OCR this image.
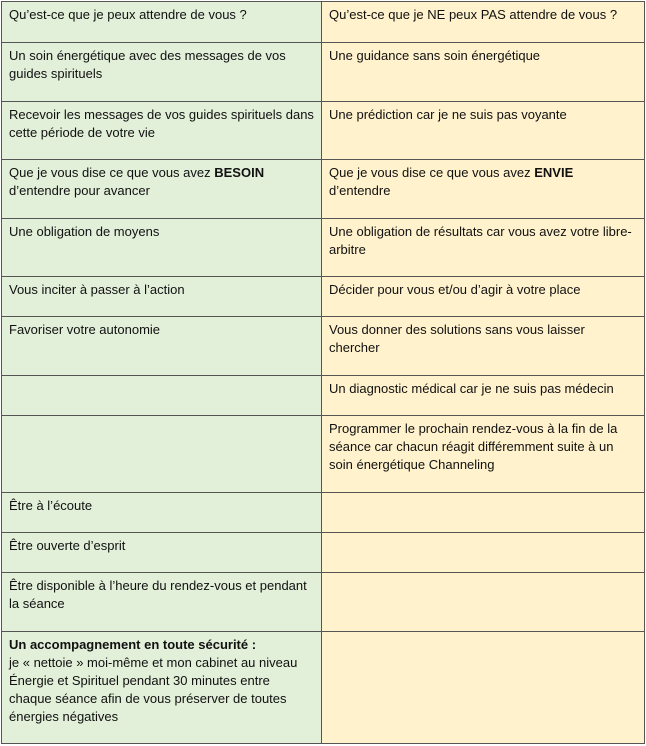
Qu’est-ce que je peux attendre de vous ?	Qu’est-ce que je NE peux PAS attendre de vous ?
Un soin énergétique avec des messages de vos guides spirituels	Une guidance sans soin énergétique
Recevoir les messages de vos guides spirituels dans cette période de votre vie	Une prédiction car je ne suis pas voyante
Que je vous dise ce que vous avez BESOIN d’entendre pour avancer	Que je vous dise ce que vous avez ENVIE d’entendre
Une obligation de moyens	Une obligation de résultats car vous avez votre libre-arbitre
Vous inciter à passer à l’action	Décider pour vous et/ou d’agir à votre place
Favoriser votre autonomie	Vous donner des solutions sans vous laisser chercher
	Un diagnostic médical car je ne suis pas médecin
	Programmer le prochain rendez-vous à la fin de la séance car chacun réagit différemment suite à un soin énergétique Channeling
Être à l’écoute	
Être ouverte d’esprit	
Être disponible à l’heure du rendez-vous et pendant la séance	

Un accompagnement en toute sécurité :
je « nettoie » moi-même et mon cabinet au niveau Énergie et Spirituel pendant 30 minutes entre chaque séance afin de vous préserver de toutes énergies négatives	
